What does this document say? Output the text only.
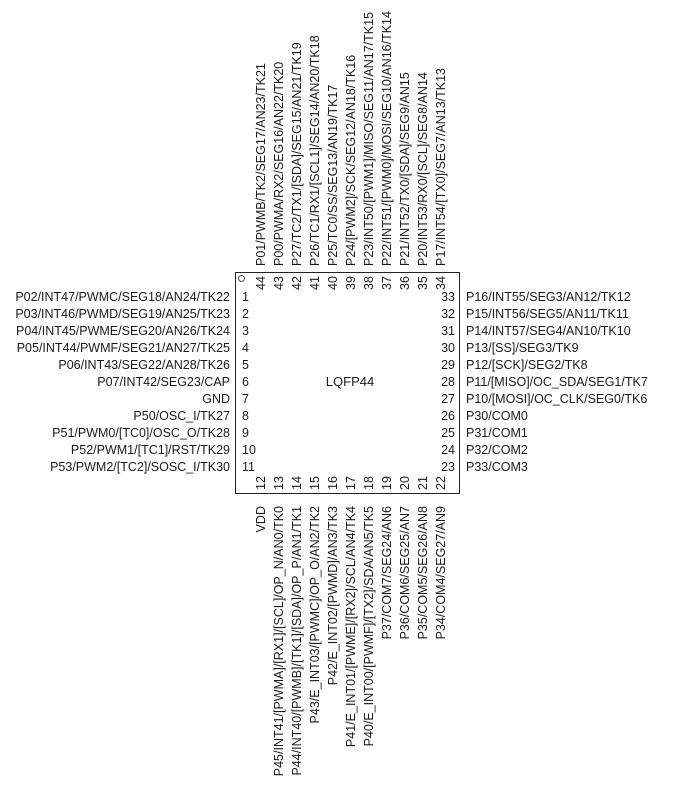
LQFP44
P02/INT47/PWMC/SEG18/AN24/TK22 1
P03/INT46/PWMD/SEG19/AN25/TK23 2
P04/INT45/PWME/SEG20/AN26/TK24 3
P05/INT44/PWMF/SEG21/AN27/TK25 4
P06/INT43/SEG22/AN28/TK26 5
P07/INT42/SEG23/CAP 6
GND 7
P50/OSC_I/TK27 8
P51/PWM0/[TC0]/OSC_O/TK28 9
P52/PWM1/[TC1]/RST/TK29 10
P53/PWM2/[TC2]/SOSC_I/TK30 11
33 P16/INT55/SEG3/AN12/TK12
32 P15/INT56/SEG5/AN11/TK11
31 P14/INT57/SEG4/AN10/TK10
30 P13/[SS]/SEG3/TK9
29 P12/[SCK]/SEG2/TK8
28 P11/[MISO]/OC_SDA/SEG1/TK7
27 P10/[MOSI]/OC_CLK/SEG0/TK6
26 P30/COM0
25 P31/COM1
24 P32/COM2
23 P33/COM3
P01/PWMB/TK2/SEG17/AN23/TK21 P00/PWMA/RX2/SEG16/AN22/TK20 P27/TC2/TX1/[SDA]/SEG15/AN21/TK19 P26/TC1/RX1/[SCL1]/SEG14/AN20/TK18 P25/TC0/SS/SEG13/AN19/TK17 P24/[PWM2]/SCK/SEG12/AN18/TK16 P23/INT50/[PWM1]/MISO/SEG11/AN17/TK15 P22/INT51/[PWM0]/MOSI/SEG10/AN16/TK14 P21/INT52/TX0/[SDA]/SEG9/AN15 P20/INT53/RX0/[SCL]/SEG8/AN14 P17/INT54/[TX0]/SEG7/AN13/TK13
44 43 42 41 40 39 38 37 36 35 34
12 13 14 15 16 17 18 19 20 21 22
VDD P45/INT41/[PWMA]/[RX1]/[SCL]/OP_N/AN0/TK0 P44/INT40/[PWMB]/[TK1]/[SDA]/OP_P/AN1/TK1 P43/E_INT03/[PWMC]/OP_O/AN2/TK2 P42/E_INT02/[PWMD]/AN3/TK3 P41/E_INT01/[PWME]/[RX2]/SCL/AN4/TK4 P40/E_INT00/[PWMF]/[TX2]/SDA/AN5/TK5 P37/COM7/SEG24/AN6 P36/COM6/SEG25/AN7 P35/COM5/SEG26/AN8 P34/COM4/SEG27/AN9
